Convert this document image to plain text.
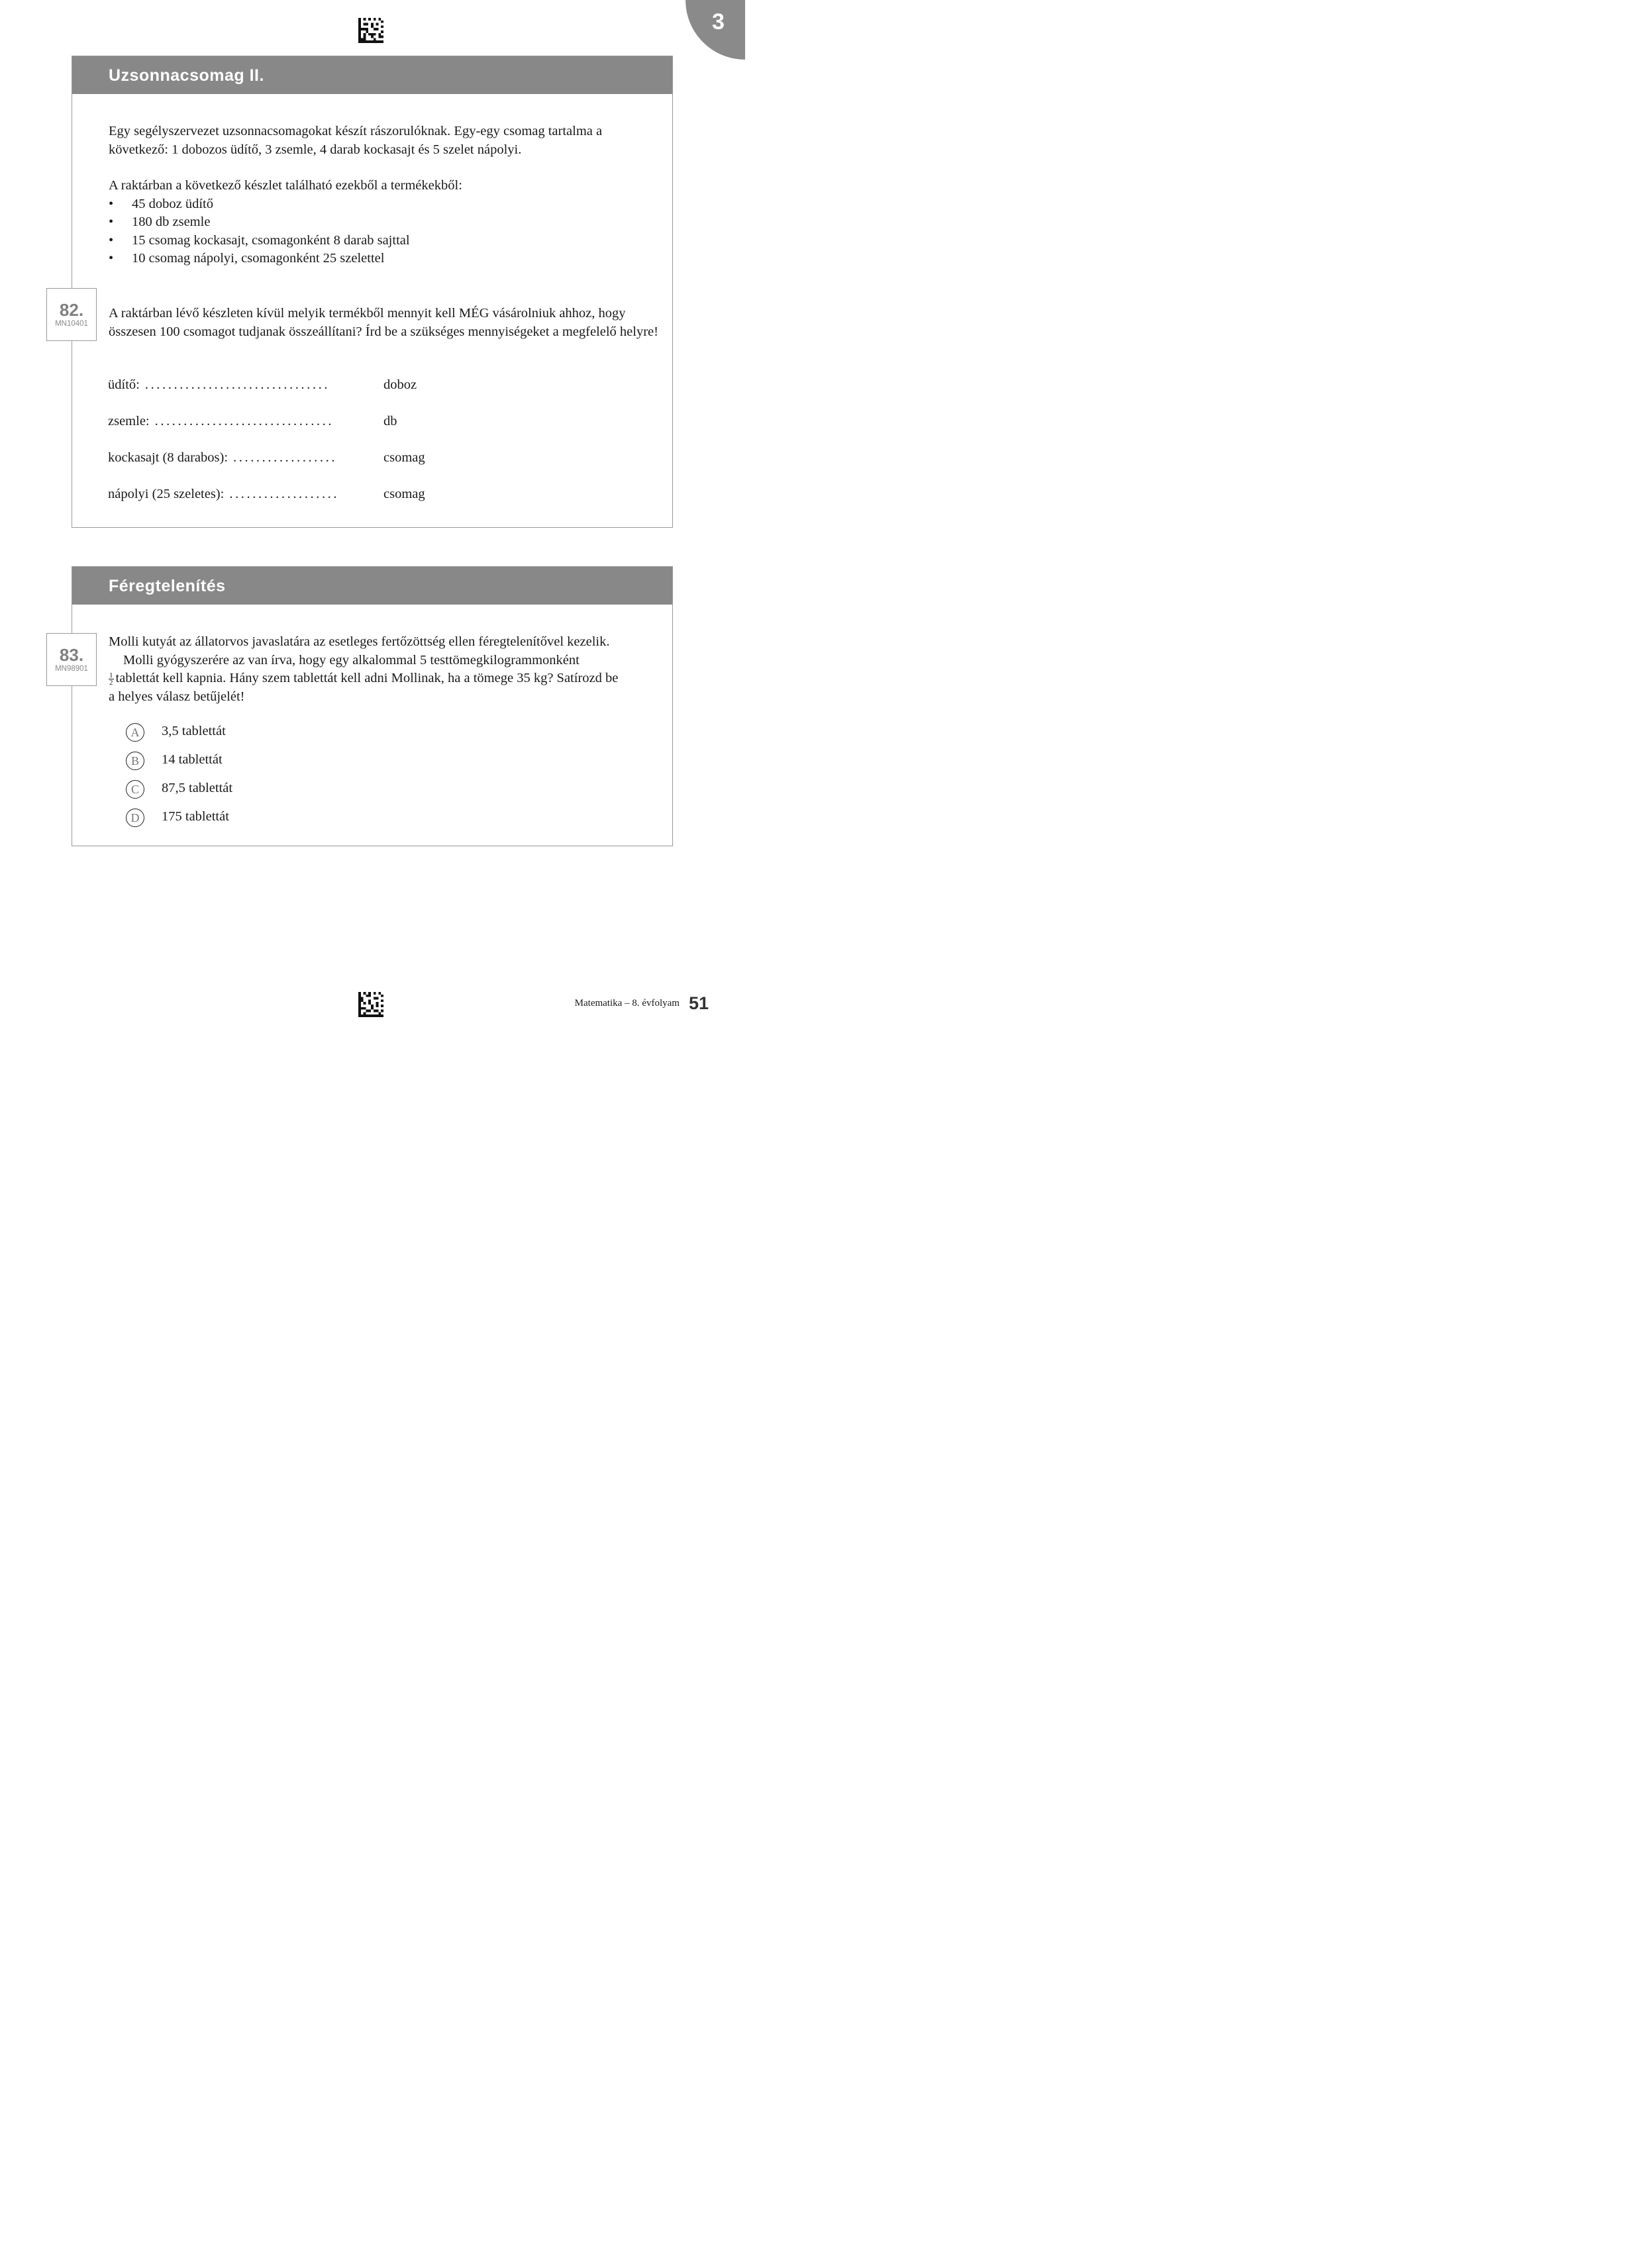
3
Uzsonnacsomag II.

Egy segélyszervezet uzsonnacsomagokat készít rászorulóknak. Egy-egy csomag tartalma a következő: 1 dobozos üdítő, 3 zsemle, 4 darab kockasajt és 5 szelet nápolyi.

A raktárban a következő készlet található ezekből a termékekből:

• 45 doboz üdítő
• 180 db zsemle
• 15 csomag kockasajt, csomagonként 8 darab sajttal
• 10 csomag nápolyi, csomagonként 25 szelettel

A raktárban lévő készleten kívül melyik termékből mennyit kell MÉG vásárolniuk ahhoz, hogy összesen 100 csomagot tudjanak összeállítani? Írd be a szükséges mennyiségeket a megfelelő helyre!

82.
MN10401
üdítő: ................................	doboz
zsemle: ...............................	db
kockasajt (8 darabos): ..................	csomag
nápolyi (25 szeletes): ...................	csomag
Féregtelenítés

Molli kutyát az állatorvos javaslatára az esetleges fertőzöttség ellen féregtelenítővel kezelik.

Molli gyógyszerére az van írva, hogy egy alkalommal 5 testtömegkilogrammonként

$\frac{1}{2}$ tablettát kell kapnia. Hány szem tablettát kell adni Mollinak, ha a tömege 35 kg? Satírozd be

a helyes válasz betűjelét!

83.
MN98901
A	3,5 tablettát
B	14 tablettát
C	87,5 tablettát
D	175 tablettát
Matematika – 8. évfolyam 51
